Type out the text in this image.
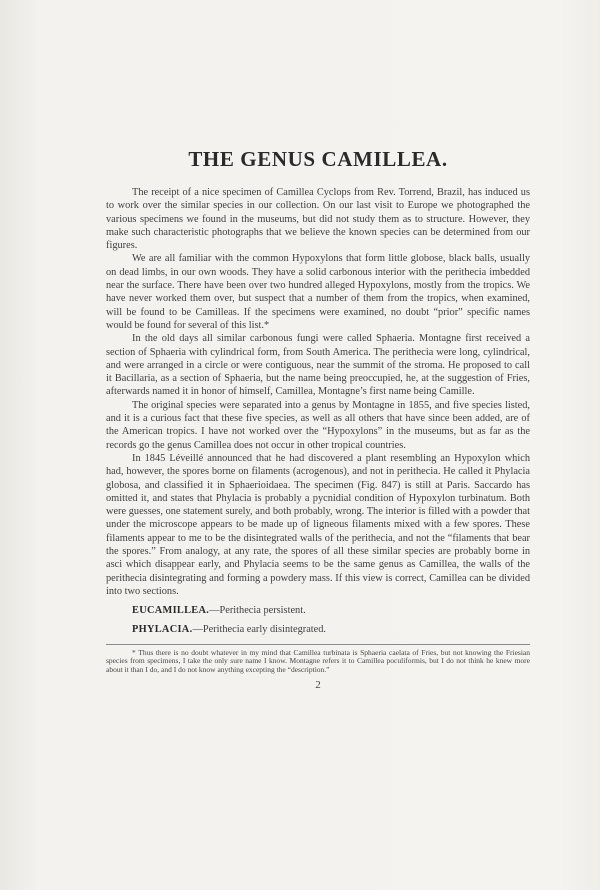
THE GENUS CAMILLEA.

The receipt of a nice specimen of Camillea Cyclops from Rev. Torrend, Brazil, has induced us to work over the similar species in our collection. On our last visit to Europe we photographed the various specimens we found in the museums, but did not study them as to structure. However, they make such characteristic photographs that we believe the known species can be determined from our figures.

We are all familiar with the common Hypoxylons that form little globose, black balls, usually on dead limbs, in our own woods. They have a solid carbonous interior with the perithecia imbedded near the surface. There have been over two hundred alleged Hypoxylons, mostly from the tropics. We have never worked them over, but suspect that a number of them from the tropics, when examined, will be found to be Camilleas. If the specimens were examined, no doubt “prior” specific names would be found for several of this list.*

In the old days all similar carbonous fungi were called Sphaeria. Montagne first received a section of Sphaeria with cylindrical form, from South America. The perithecia were long, cylindrical, and were arranged in a circle or were contiguous, near the summit of the stroma. He proposed to call it Bacillaria, as a section of Sphaeria, but the name being preoccupied, he, at the suggestion of Fries, afterwards named it in honor of himself, Camillea, Montagne’s first name being Camille.

The original species were separated into a genus by Montagne in 1855, and five species listed, and it is a curious fact that these five species, as well as all others that have since been added, are of the American tropics. I have not worked over the “Hypoxylons” in the museums, but as far as the records go the genus Camillea does not occur in other tropical countries.

In 1845 Léveillé announced that he had discovered a plant resembling an Hypoxylon which had, however, the spores borne on filaments (acrogenous), and not in perithecia. He called it Phylacia globosa, and classified it in Sphaerioidaea. The specimen (Fig. 847) is still at Paris. Saccardo has omitted it, and states that Phylacia is probably a pycnidial condition of Hypoxylon turbinatum. Both were guesses, one statement surely, and both probably, wrong. The interior is filled with a powder that under the microscope appears to be made up of ligneous filaments mixed with a few spores. These filaments appear to me to be the disintegrated walls of the perithecia, and not the “filaments that bear the spores.” From analogy, at any rate, the spores of all these similar species are probably borne in asci which disappear early, and Phylacia seems to be the same genus as Camillea, the walls of the perithecia disintegrating and forming a powdery mass. If this view is correct, Camillea can be divided into two sections.

EUCAMILLEA.—Perithecia persistent.

PHYLACIA.—Perithecia early disintegrated.

* Thus there is no doubt whatever in my mind that Camillea turbinata is Sphaeria caelata of Fries, but not knowing the Friesian species from specimens, I take the only sure name I know. Montagne refers it to Camillea poculiformis, but I do not think he knew more about it than I do, and I do not know anything excepting the “description.”

2
